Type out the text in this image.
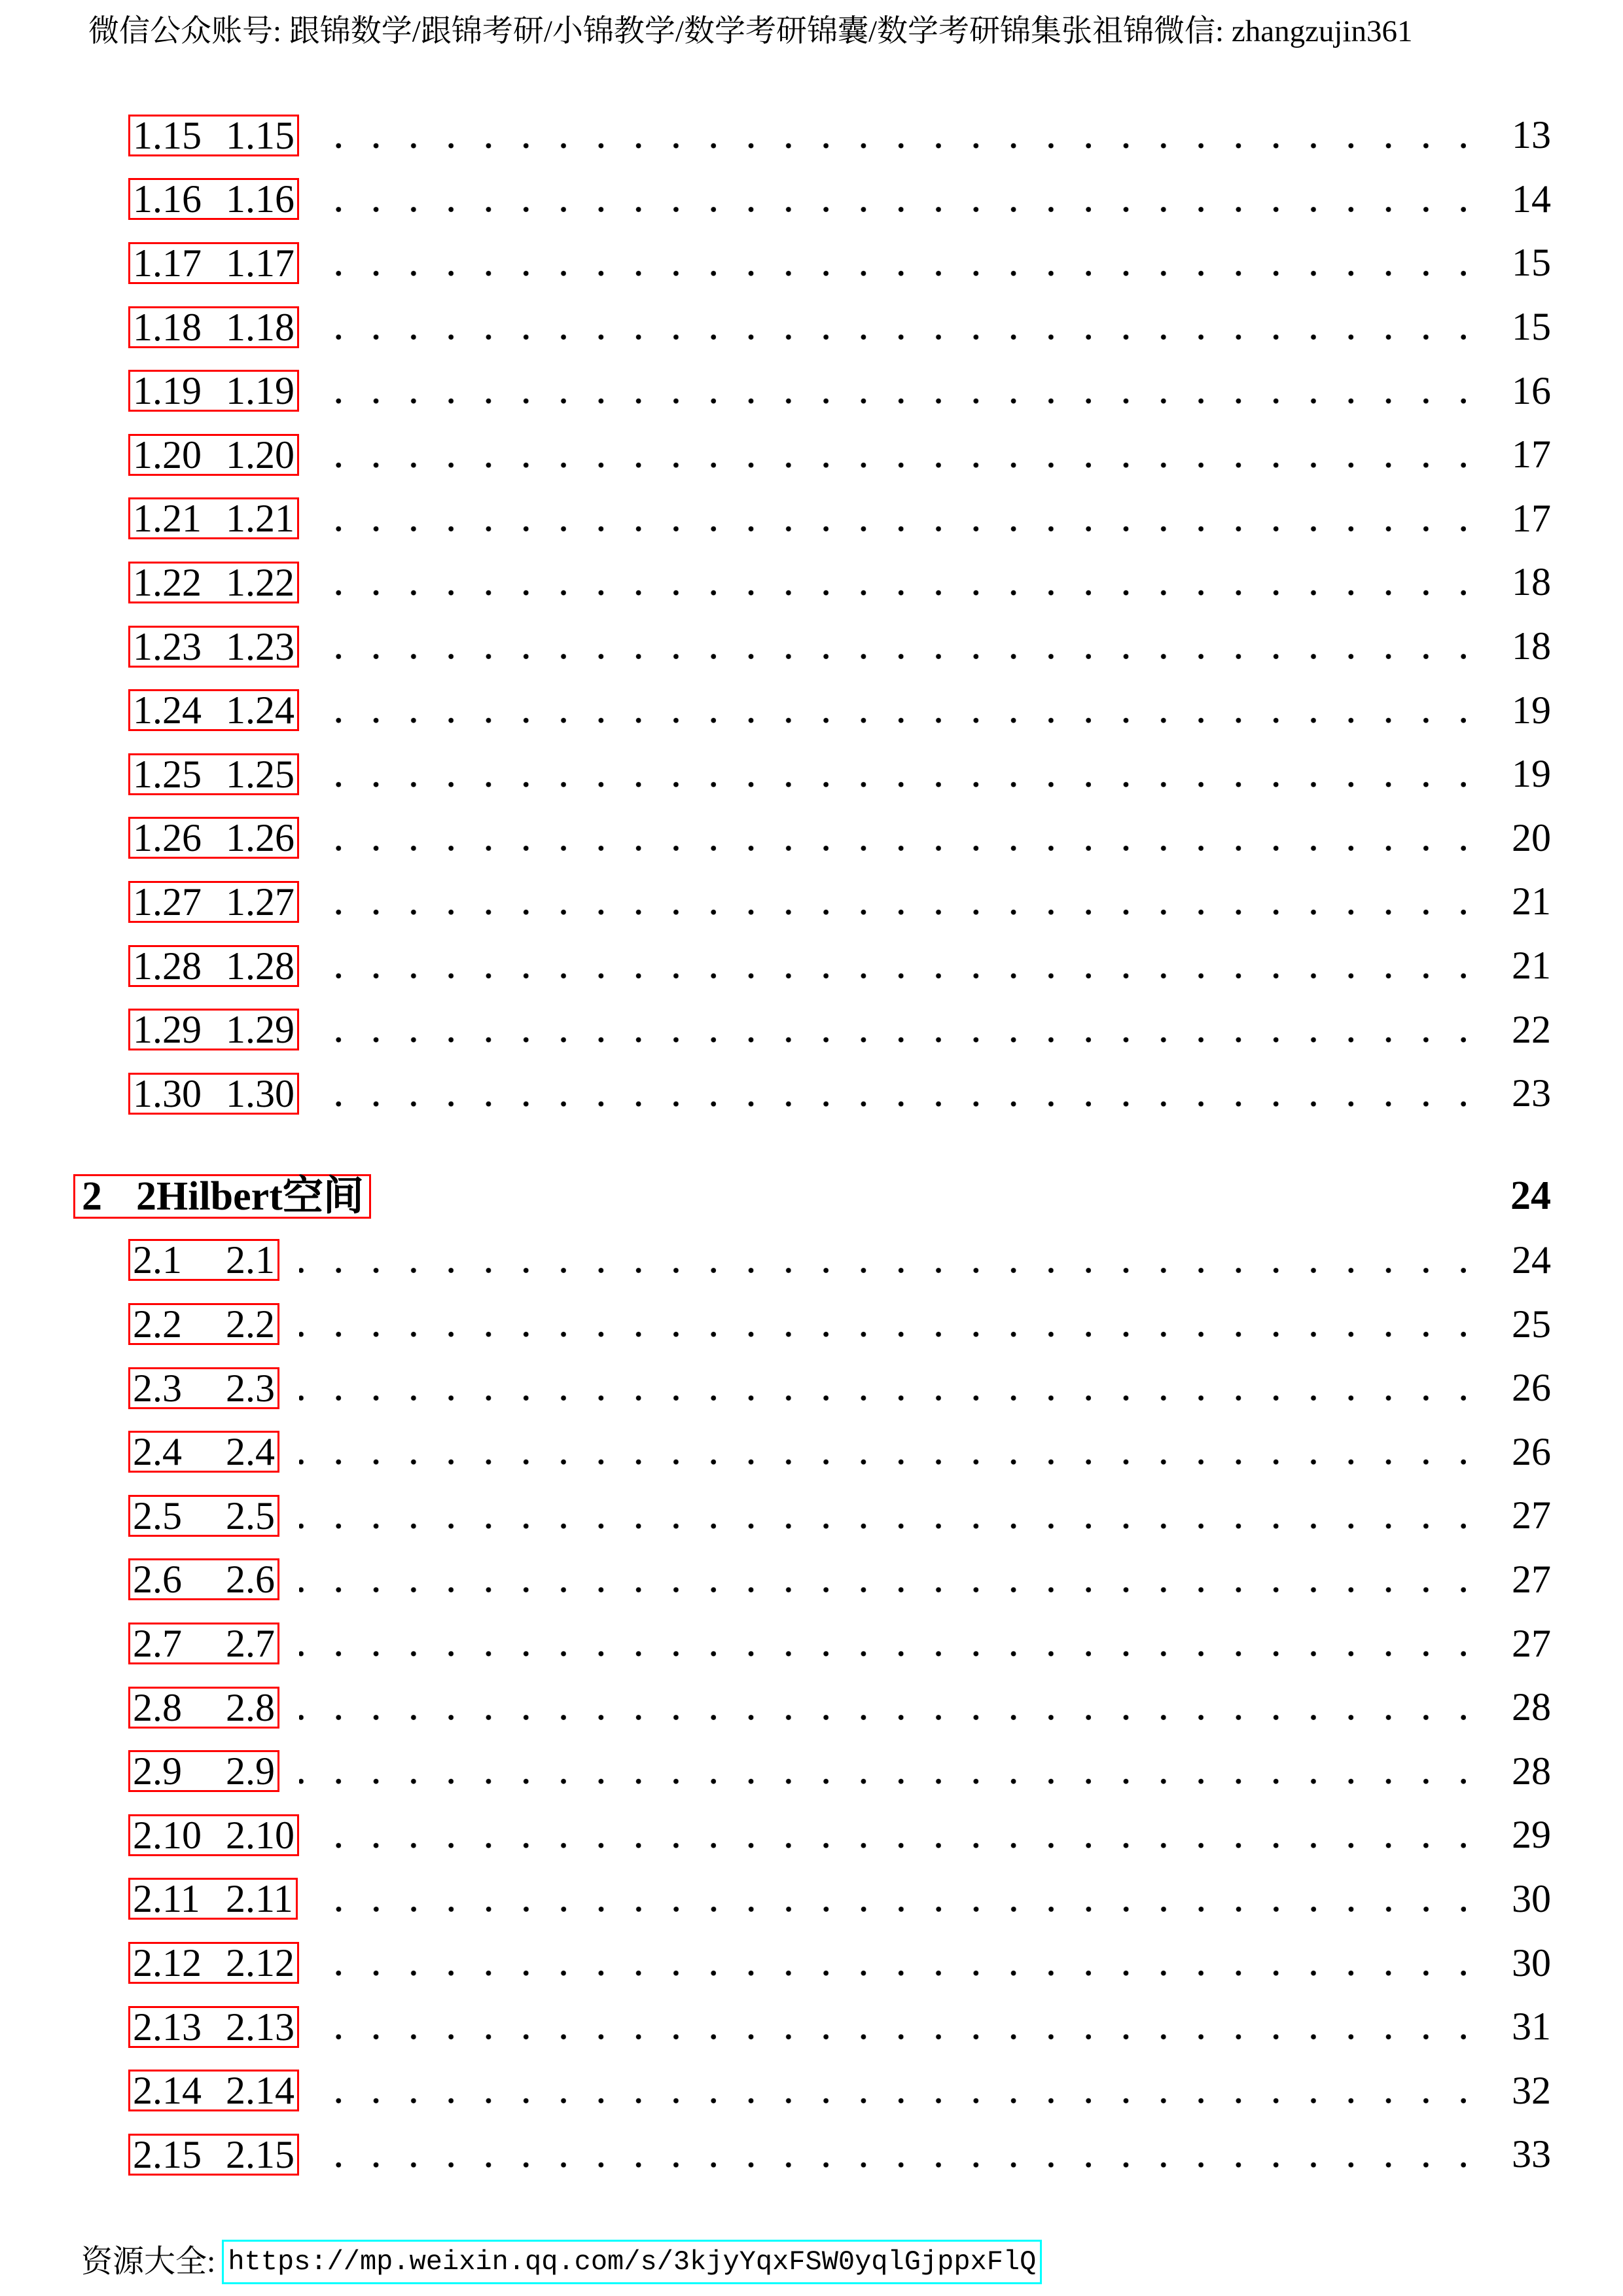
微信公众账号: 跟锦数学/跟锦考研/小锦教学/数学考研锦囊/数学考研锦集张祖锦微信: zhangzujin361
1.15 1.15	13
1.16 1.16	14
1.17 1.17	15
1.18 1.18	15
1.19 1.19	16
1.20 1.20	17
1.21 1.21	17
1.22 1.22	18
1.23 1.23	18
1.24 1.24	19
1.25 1.25	19
1.26 1.26	20
1.27 1.27	21
1.28 1.28	21
1.29 1.29	22
1.30 1.30	23
2 2Hilbert空间	24
2.1	2.1	24
2.2	2.2	25
2.3	2.3	26
2.4	2.4	26
2.5	2.5	27
2.6	2.6	27
2.7	2.7	27
2.8	2.8	28
2.9	2.9	28
2.10 2.10	29
2.11 2.11	30
2.12 2.12	30
2.13 2.13	31
2.14 2.14	32
2.15 2.15	33
资源大全: https://mp.weixin.qq.com/s/3kjyYqxFSW0yqlGjppxFlQ
